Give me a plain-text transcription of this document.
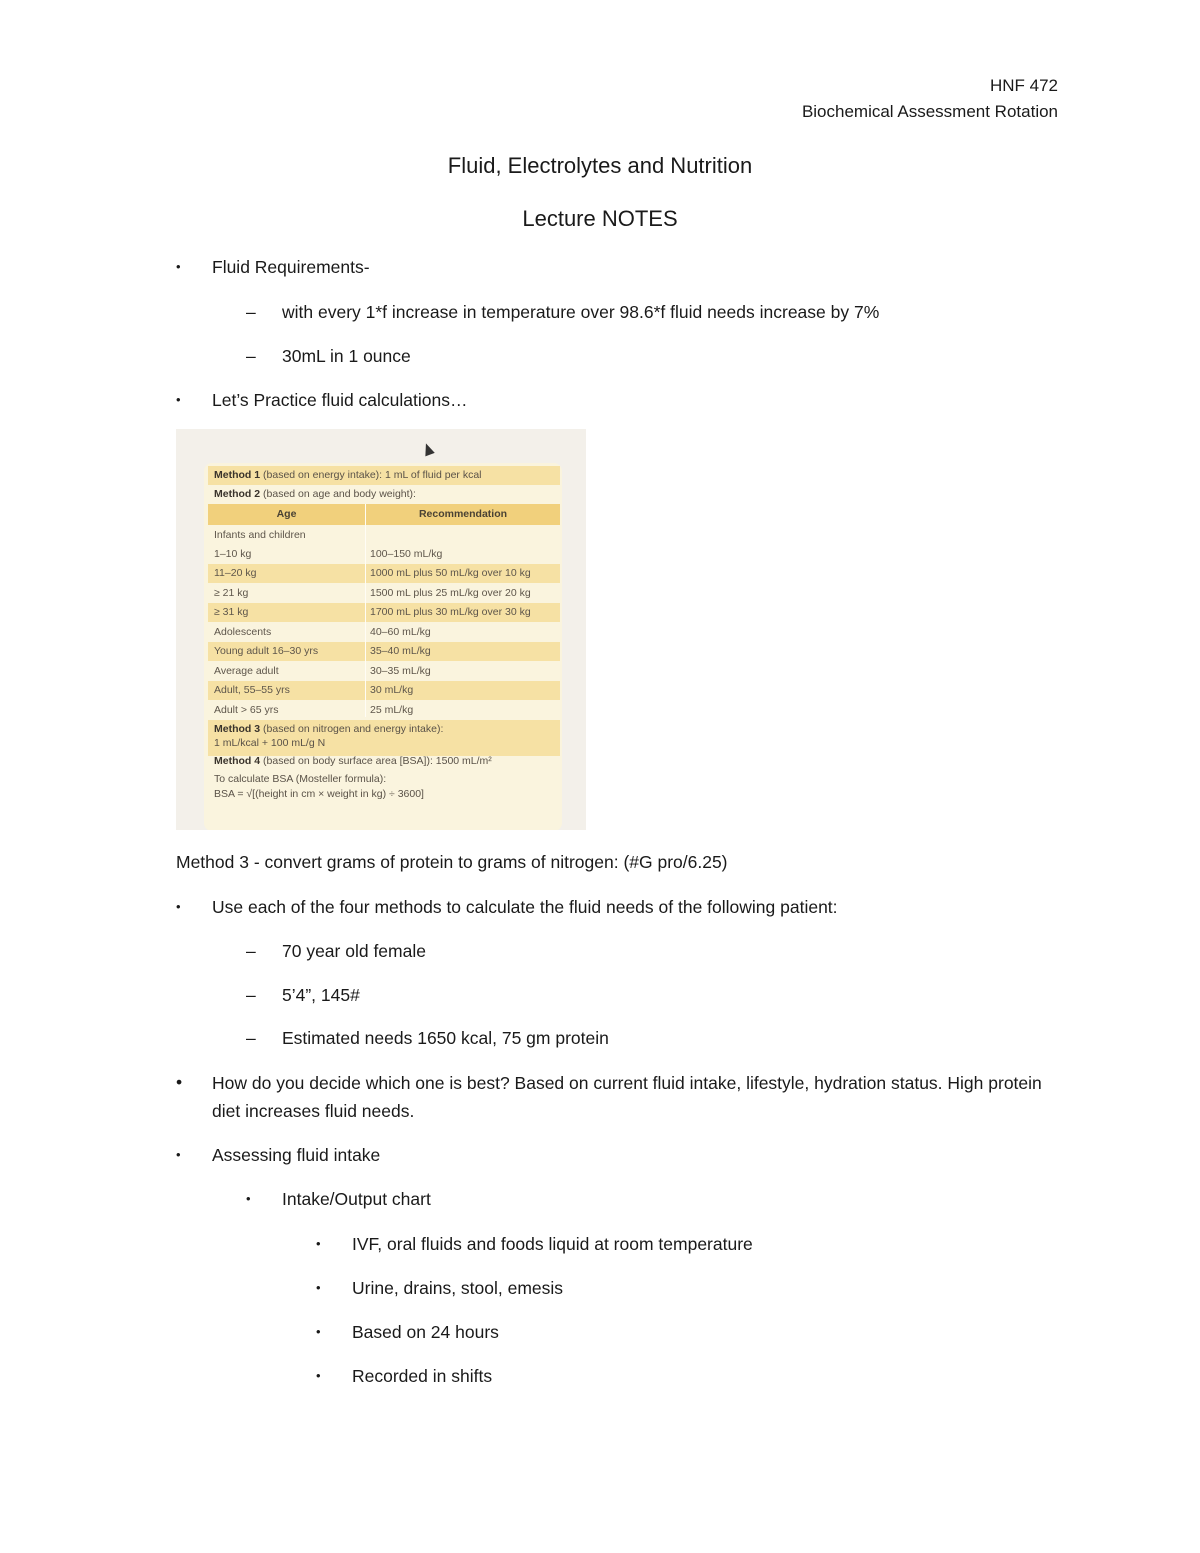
HNF 472
Biochemical Assessment Rotation
Fluid, Electrolytes and Nutrition
Lecture NOTES
• Fluid Requirements-
– with every 1*f increase in temperature over 98.6*f fluid needs increase by 7%
– 30mL in 1 ounce
• Let’s Practice fluid calculations…
Method 1 (based on energy intake): 1 mL of fluid per kcal
Method 2 (based on age and body weight):
Age	Recommendation
Infants and children
1–10 kg	100–150 mL/kg
11–20 kg	1000 mL plus 50 mL/kg over 10 kg
≥ 21 kg	1500 mL plus 25 mL/kg over 20 kg
≥ 31 kg	1700 mL plus 30 mL/kg over 30 kg
Adolescents	40–60 mL/kg
Young adult 16–30 yrs	35–40 mL/kg
Average adult	30–35 mL/kg
Adult, 55–55 yrs	30 mL/kg
Adult > 65 yrs	25 mL/kg
Method 3 (based on nitrogen and energy intake):
1 mL/kcal + 100 mL/g N
Method 4 (based on body surface area [BSA]): 1500 mL/m²
To calculate BSA (Mosteller formula):
BSA = √[(height in cm × weight in kg) ÷ 3600]
Method 3 - convert grams of protein to grams of nitrogen: (#G pro/6.25)
• Use each of the four methods to calculate the fluid needs of the following patient:
– 70 year old female
– 5’4”, 145#
– Estimated needs 1650 kcal, 75 gm protein
• How do you decide which one is best? Based on current fluid intake, lifestyle, hydration status. High protein diet increases fluid needs.
• Assessing fluid intake
• Intake/Output chart
• IVF, oral fluids and foods liquid at room temperature
• Urine, drains, stool, emesis
• Based on 24 hours
• Recorded in shifts
